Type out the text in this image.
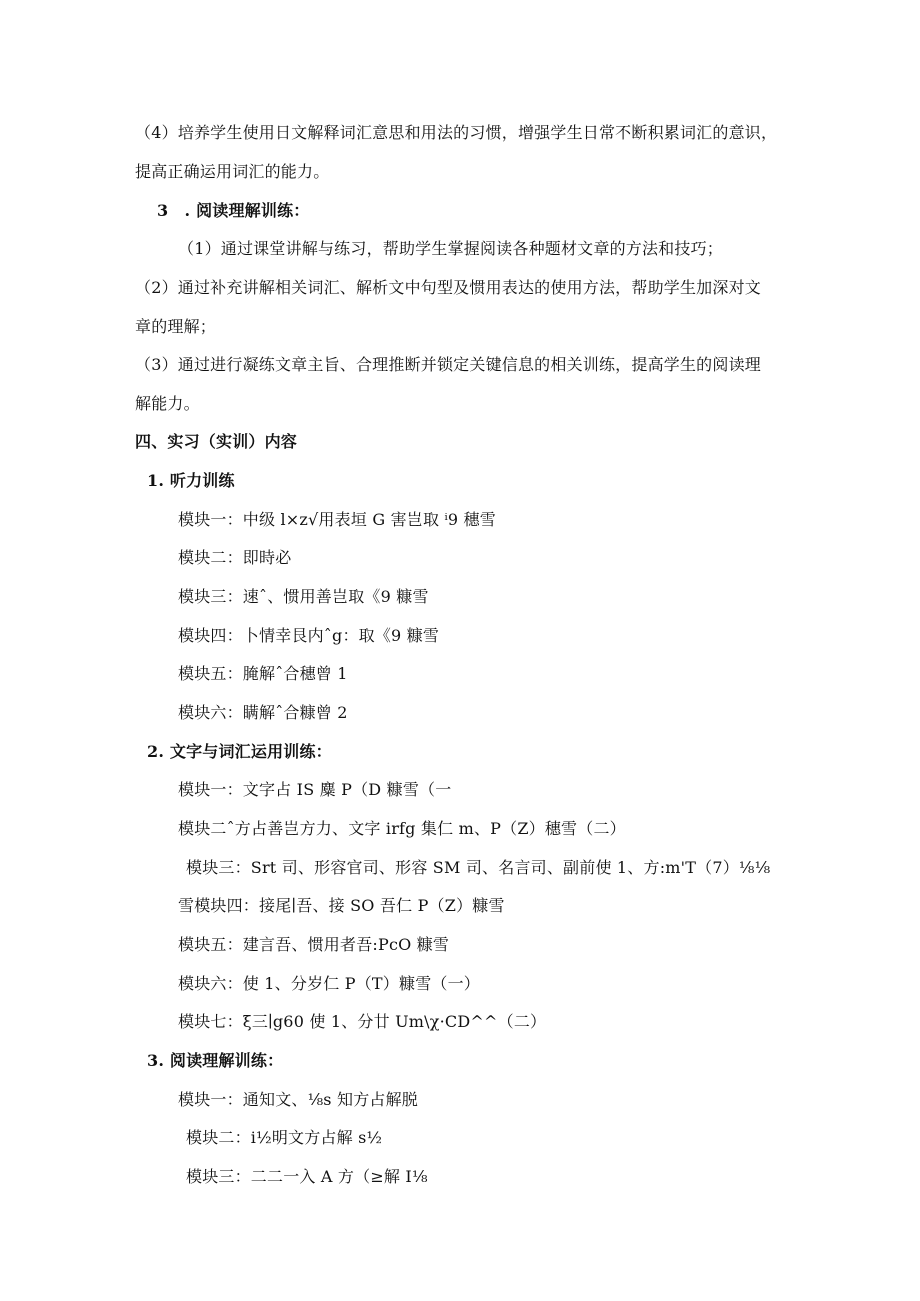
（4）培养学生使用日文解释词汇意思和用法的习惯，增强学生日常不断积累词汇的意识，
提高正确运用词汇的能力。
3　. 阅读理解训练：
（1）通过课堂讲解与练习，帮助学生掌握阅读各种题材文章的方法和技巧；
（2）通过补充讲解相关词汇、解析文中句型及惯用表达的使用方法，帮助学生加深对文
章的理解；
（3）通过进行凝练文章主旨、合理推断并锁定关键信息的相关训练，提高学生的阅读理
解能力。
四、实习（实训）内容
1. 听力训练
模块一：中级 l×z√用表垣 G 害岂取 ⁱ9 穗雪
模块二：即時必
模块三：速ˆ、惯用善岂取《9 糠雪
模块四：卜情幸艮内ˆg：取《9 糠雪
模块五：腌解ˆ合穗曾 1
模块六：瞒解ˆ合糠曾 2
2. 文字与词汇运用训练：
模块一：文字占 IS 麋 P（D 糠雪（一
模块二ˆ方占善岂方力、文字 irfg 集仁 m、P（Z）穗雪（二）
模块三：Srt 司、形容官司、形容 SM 司、名言司、副前使 1、方:m'T（7）⅛⅛
雪模块四：接尾∣吾、接 SO 吾仁 P（Z）糠雪
模块五：建言吾、惯用者吾:PcO 糠雪
模块六：使 1、分岁仁 P（T）糠雪（一）
模块七：ξ三∣g60 使 1、分廿 Um\χ·CD^^（二）
3. 阅读理解训练：
模块一：通知文、⅛s 知方占解脱
模块二：i½明文方占解 s½
模块三：二二一入 A 方（≥解 I⅛
